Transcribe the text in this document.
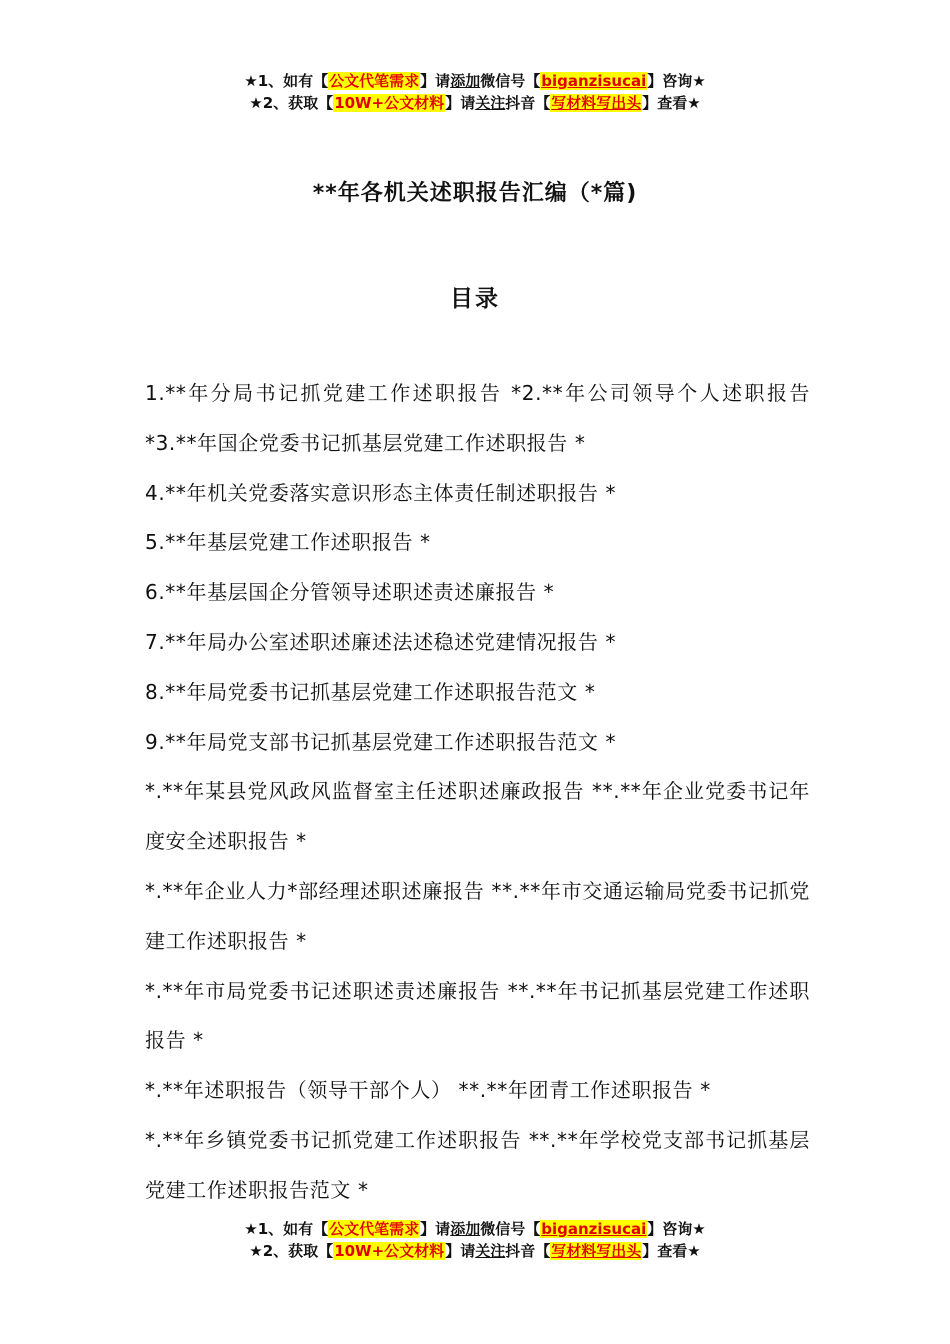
★1、如有【公文代笔需求】请添加微信号【biganzisucai】咨询★
★2、获取【10W+公文材料】请关注抖音【写材料写出头】查看★
**年各机关述职报告汇编（*篇)
目录

1.**年分局书记抓党建工作述职报告 *2.**年公司领导个人述职报告 *3.**年国企党委书记抓基层党建工作述职报告 *

4.**年机关党委落实意识形态主体责任制述职报告 *

5.**年基层党建工作述职报告 *

6.**年基层国企分管领导述职述责述廉报告 *

7.**年局办公室述职述廉述法述稳述党建情况报告 *

8.**年局党委书记抓基层党建工作述职报告范文 *

9.**年局党支部书记抓基层党建工作述职报告范文 *

*.**年某县党风政风监督室主任述职述廉政报告 **.**年企业党委书记年度安全述职报告 *

*.**年企业人力*部经理述职述廉报告 **.**年市交通运输局党委书记抓党建工作述职报告 *

*.**年市局党委书记述职述责述廉报告 **.**年书记抓基层党建工作述职报告 *

*.**年述职报告（领导干部个人） **.**年团青工作述职报告 *

*.**年乡镇党委书记抓党建工作述职报告 **.**年学校党支部书记抓基层党建工作述职报告范文 *

★1、如有【公文代笔需求】请添加微信号【biganzisucai】咨询★
★2、获取【10W+公文材料】请关注抖音【写材料写出头】查看★
